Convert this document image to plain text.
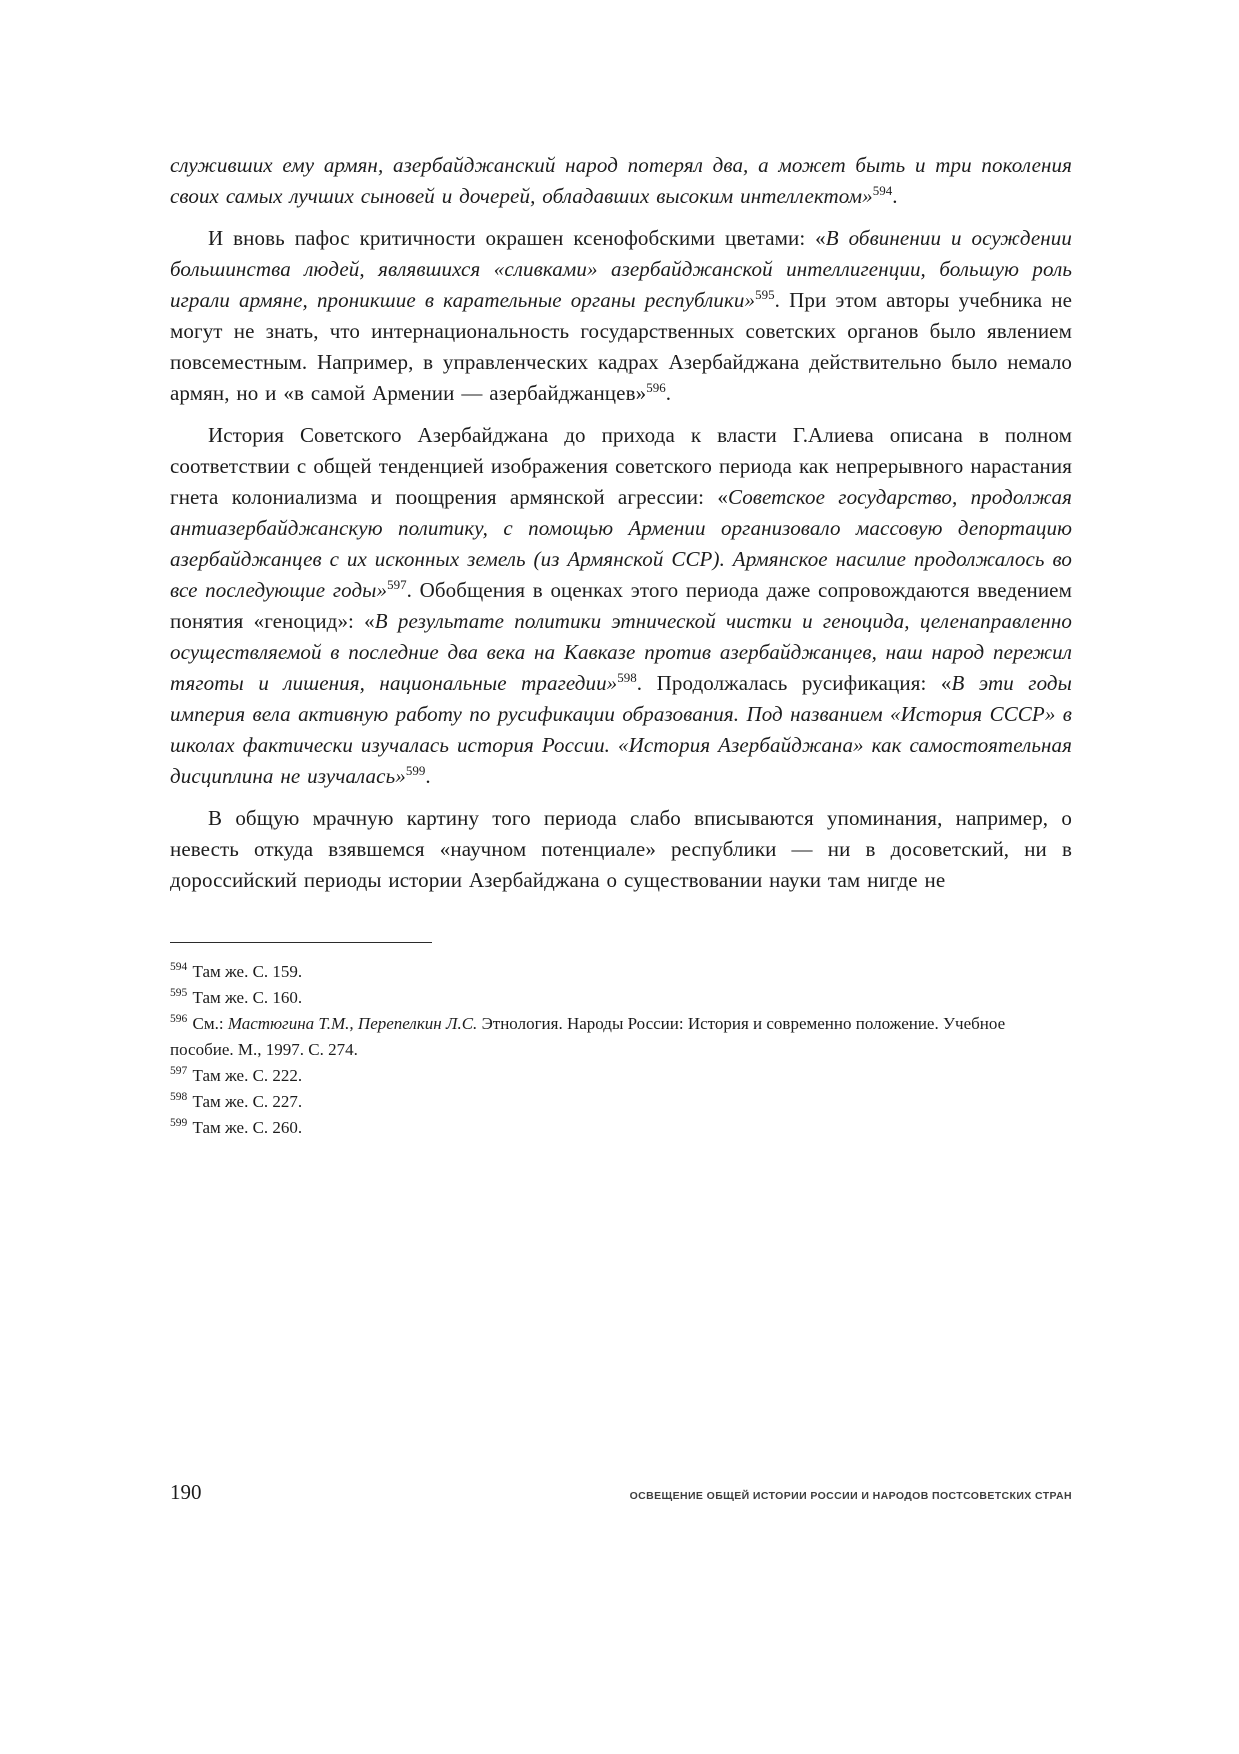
служивших ему армян, азербайджанский народ потерял два, а может быть и три поколения своих самых лучших сыновей и дочерей, обладавших высоким интеллектом»$^{594}$.

И вновь пафос критичности окрашен ксенофобскими цветами: «В обвинении и осуждении большинства людей, являвшихся «сливками» азербайджанской интеллигенции, большую роль играли армяне, проникшие в карательные органы республики»$^{595}$. При этом авторы учебника не могут не знать, что интернациональность государственных советских органов было явлением повсеместным. Например, в управленческих кадрах Азербайджана действительно было немало армян, но и «в самой Армении — азербайджанцев»$^{596}$.

История Советского Азербайджана до прихода к власти Г.Алиева описана в полном соответствии с общей тенденцией изображения советского периода как непрерывного нарастания гнета колониализма и поощрения армянской агрессии: «Советское государство, продолжая антиазербайджанскую политику, с помощью Армении организовало массовую депортацию азербайджанцев с их исконных земель (из Армянской ССР). Армянское насилие продолжалось во все последующие годы»$^{597}$. Обобщения в оценках этого периода даже сопровождаются введением понятия «геноцид»: «В результате политики этнической чистки и геноцида, целенаправленно осуществляемой в последние два века на Кавказе против азербайджанцев, наш народ пережил тяготы и лишения, национальные трагедии»$^{598}$. Продолжалась русификация: «В эти годы империя вела активную работу по русификации образования. Под названием «История СССР» в школах фактически изучалась история России. «История Азербайджана» как самостоятельная дисциплина не изучалась»$^{599}$.

В общую мрачную картину того периода слабо вписываются упоминания, например, о невесть откуда взявшемся «научном потенциале» республики — ни в досоветский, ни в дороссийский периоды истории Азербайджана о существовании науки там нигде не

$^{594}$ Там же. С. 159.
$^{595}$ Там же. С. 160.
$^{596}$ См.: Мастюгина Т.М., Перепелкин Л.С. Этнология. Народы России: История и современно положение. Учебное пособие. М., 1997. С. 274.
$^{597}$ Там же. С. 222.
$^{598}$ Там же. С. 227.
$^{599}$ Там же. С. 260.
190	ОСВЕЩЕНИЕ ОБЩЕЙ ИСТОРИИ РОССИИ И НАРОДОВ ПОСТСОВЕТСКИХ СТРАН
